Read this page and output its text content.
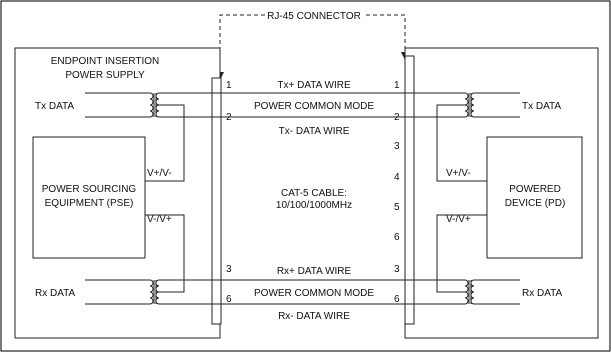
RJ-45 CONNECTOR
ENDPOINT INSERTION
POWER SUPPLY
POWER SOURCING
EQUIPMENT (PSE)
V+/V-
V-/V+
POWERED
DEVICE (PD)
V+/V-
V-/V+
Tx DATA
Rx DATA
Tx DATA
Rx DATA
Tx+ DATA WIRE
POWER COMMON MODE
Tx- DATA WIRE
Rx+ DATA WIRE
POWER COMMON MODE
Rx- DATA WIRE
CAT-5 CABLE:
10/100/1000MHz
1
2
3
6
1
2
3
4
5
6
3
6
